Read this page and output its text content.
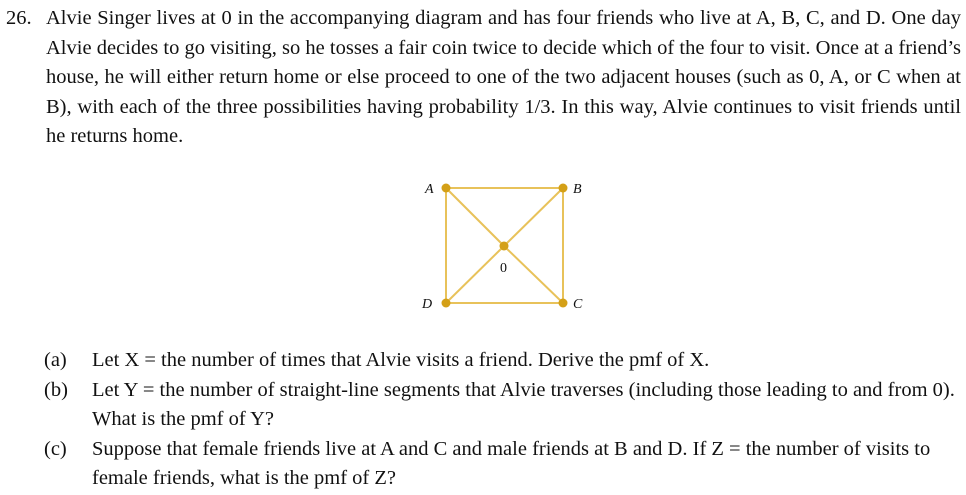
26. Alvie Singer lives at 0 in the accompanying diagram and has four friends who live at A, B, C, and D. One day Alvie decides to go visiting, so he tosses a fair coin twice to decide which of the four to visit. Once at a friend’s house, he will either return home or else proceed to one of the two adjacent houses (such as 0, A, or C when at B), with each of the three possibilities having probability 1/3. In this way, Alvie continues to visit friends until he returns home.
A	B
C
D
0
(a) Let X = the number of times that Alvie visits a friend. Derive the pmf of X.
(b) Let Y = the number of straight-line segments that Alvie traverses (including those leading to and from 0). What is the pmf of Y?
(c) Suppose that female friends live at A and C and male friends at B and D. If Z = the number of visits to female friends, what is the pmf of Z?
